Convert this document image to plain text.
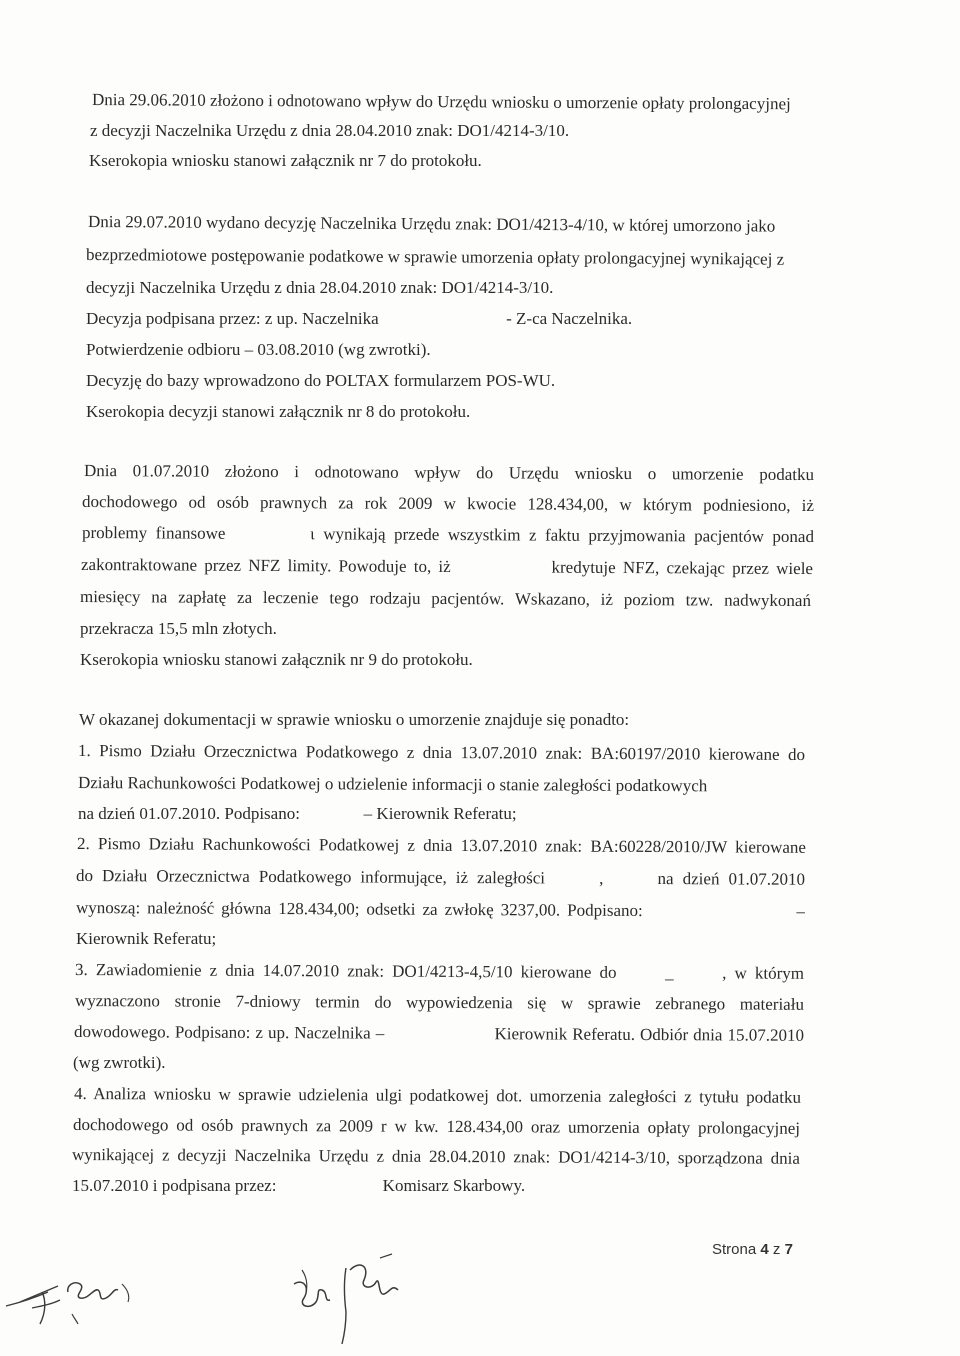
Dnia 29.06.2010 złożono i odnotowano wpływ do Urzędu wniosku o umorzenie opłaty prolongacyjnej
z decyzji Naczelnika Urzędu z dnia 28.04.2010 znak: DO1/4214-3/10.
Kserokopia wniosku stanowi załącznik nr 7 do protokołu.
Dnia 29.07.2010 wydano decyzję Naczelnika Urzędu znak: DO1/4213-4/10, w której umorzono jako
bezprzedmiotowe postępowanie podatkowe w sprawie umorzenia opłaty prolongacyjnej wynikającej z
decyzji Naczelnika Urzędu z dnia 28.04.2010 znak: DO1/4214-3/10.
Decyzja podpisana przez: z up. Naczelnika                              - Z-ca Naczelnika.
Potwierdzenie odbioru – 03.08.2010 (wg zwrotki).
Decyzję do bazy wprowadzono do POLTAX formularzem POS-WU.
Kserokopia decyzji stanowi załącznik nr 8 do protokołu.
Dnia 01.07.2010 złożono i odnotowano wpływ do Urzędu wniosku o umorzenie podatku
dochodowego od osób prawnych za rok 2009 w kwocie 128.434,00, w którym podniesiono, iż
problemy finansowe          ι wynikają przede wszystkim z faktu przyjmowania pacjentów ponad
zakontraktowane przez NFZ limity. Powoduje to, iż              kredytuje NFZ, czekając przez wiele
miesięcy na zapłatę za leczenie tego rodzaju pacjentów. Wskazano, iż poziom tzw. nadwykonań
przekracza 15,5 mln złotych.
Kserokopia wniosku stanowi załącznik nr 9 do protokołu.
W okazanej dokumentacji w sprawie wniosku o umorzenie znajduje się ponadto:
1. Pismo Działu Orzecznictwa Podatkowego z dnia 13.07.2010 znak: BA:60197/2010 kierowane do
Działu Rachunkowości Podatkowej o udzielenie informacji o stanie zaległości podatkowych
na dzień 01.07.2010. Podpisano:               – Kierownik Referatu;
2. Pismo Działu Rachunkowości Podatkowej z dnia 13.07.2010 znak: BA:60228/2010/JW kierowane
do Działu Orzecznictwa Podatkowego informujące, iż zaległości      ,      na dzień 01.07.2010
wynoszą: należność główna 128.434,00; odsetki za zwłokę 3237,00. Podpisano:                      –
Kierownik Referatu;
3. Zawiadomienie z dnia 14.07.2010 znak: DO1/4213-4,5/10 kierowane do      _      , w którym
wyznaczono stronie 7-dniowy termin do wypowiedzenia się w sprawie zebranego materiału
dowodowego. Podpisano: z up. Naczelnika –                      Kierownik Referatu. Odbiór dnia 15.07.2010
(wg zwrotki).
4. Analiza wniosku w sprawie udzielenia ulgi podatkowej dot. umorzenia zaległości z tytułu podatku
dochodowego od osób prawnych za 2009 r w kw. 128.434,00 oraz umorzenia opłaty prolongacyjnej
wynikającej z decyzji Naczelnika Urzędu z dnia 28.04.2010 znak: DO1/4214-3/10, sporządzona dnia
15.07.2010 i podpisana przez:                         Komisarz Skarbowy.
Strona 4 z 7
